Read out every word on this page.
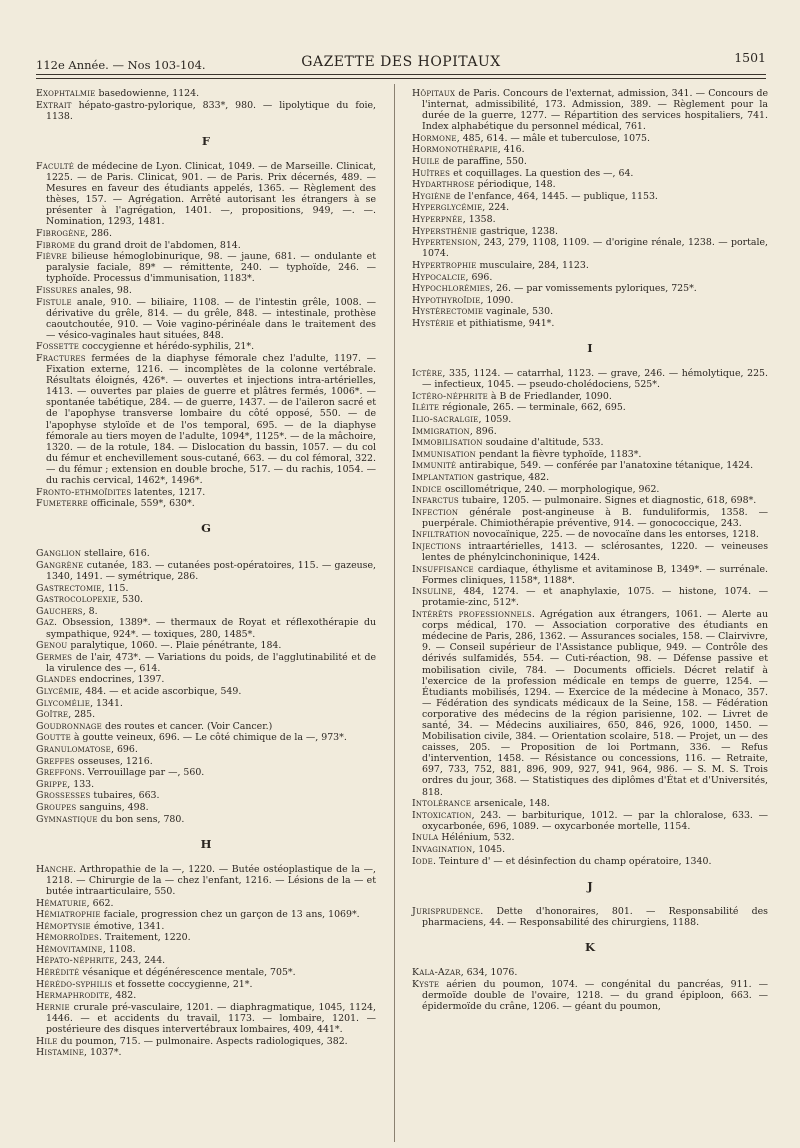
112e Année. — Nos 103-104.	GAZETTE DES HOPITAUX	1501

Exophtalmie basedowienne, 1124.

Extrait hépato-gastro-pylorique, 833*, 980. — lipolytique du foie, 1138.

F

Faculté de médecine de Lyon. Clinicat, 1049. — de Marseille. Clinicat, 1225. — de Paris. Clinicat, 901. — de Paris. Prix décernés, 489. — Mesures en faveur des étudiants appelés, 1365. — Règlement des thèses, 157. — Agrégation. Arrêté autorisant les étrangers à se présenter à l'agrégation, 1401. —, propositions, 949, —. —. Nomination, 1293, 1481.

Fibrogène, 286.

Fibrome du grand droit de l'abdomen, 814.

Fièvre bilieuse hémoglobinurique, 98. — jaune, 681. — ondulante et paralysie faciale, 89* — rémittente, 240. — typhoïde, 246. — typhoïde. Processus d'immunisation, 1183*.

Fissures anales, 98.

Fistule anale, 910. — biliaire, 1108. — de l'intestin grêle, 1008. — dérivative du grêle, 814. — du grêle, 848. — intestinale, prothèse caoutchoutée, 910. — Voie vagino-périnéale dans le traitement des — vésico-vaginales haut situées, 848.

Fossette coccygienne et hérédo-syphilis, 21*.

Fractures fermées de la diaphyse fémorale chez l'adulte, 1197. — Fixation externe, 1216. — incomplètes de la colonne vertébrale. Résultats éloignés, 426*. — ouvertes et injections intra-artérielles, 1413. — ouvertes par plaies de guerre et plâtres fermés, 1006*. — spontanée tabétique, 284. — de guerre, 1437. — de l'aileron sacré et de l'apophyse transverse lombaire du côté opposé, 550. — de l'apophyse styloïde et de l'os temporal, 695. — de la diaphyse fémorale au tiers moyen de l'adulte, 1094*, 1125*. — de la mâchoire, 1320. — de la rotule, 184. — Dislocation du bassin, 1057. — du col du fémur et enchevillement sous-cutané, 663. — du col fémoral, 322. — du fémur ; extension en double broche, 517. — du rachis, 1054. — du rachis cervical, 1462*, 1496*.

Fronto-ethmoïdites latentes, 1217.

Fumeterre officinale, 559*, 630*.

G

Ganglion stellaire, 616.

Gangrène cutanée, 183. — cutanées post-opératoires, 115. — gazeuse, 1340, 1491. — symétrique, 286.

Gastrectomie, 115.

Gastrocolopexie, 530.

Gauchers, 8.

Gaz. Obsession, 1389*. — thermaux de Royat et réflexothérapie du sympathique, 924*. — toxiques, 280, 1485*.

Genou paralytique, 1060. —. Plaie pénétrante, 184.

Germes de l'air, 473*. — Variations du poids, de l'agglutinabilité et de la virulence des —, 614.

Glandes endocrines, 1397.

Glycémie, 484. — et acide ascorbique, 549.

Glycomélie, 1341.

Goître, 285.

Goudronnage des routes et cancer. (Voir Cancer.)

Goutte à goutte veineux, 696. — Le côté chimique de la —, 973*.

Granulomatose, 696.

Greffes osseuses, 1216.

Greffons. Verrouillage par —, 560.

Grippe, 133.

Grossesses tubaires, 663.

Groupes sanguins, 498.

Gymnastique du bon sens, 780.

H

Hanche. Arthropathie de la —, 1220. — Butée ostéoplastique de la —, 1218. — Chirurgie de la — chez l'enfant, 1216. — Lésions de la — et butée intraarticulaire, 550.

Hématurie, 662.

Hémiatrophie faciale, progression chez un garçon de 13 ans, 1069*.

Hémoptysie émotive, 1341.

Hémorroïdes. Traitement, 1220.

Hémovitamine, 1108.

Hépato-néphrite, 243, 244.

Hérédité vésanique et dégénérescence mentale, 705*.

Hérédo-syphilis et fossette coccygienne, 21*.

Hermaphrodite, 482.

Hernie crurale pré-vasculaire, 1201. — diaphragmatique, 1045, 1124, 1446. — et accidents du travail, 1173. — lombaire, 1201. — postérieure des disques intervertébraux lombaires, 409, 441*.

Hile du poumon, 715. — pulmonaire. Aspects radiologiques, 382.

Histamine, 1037*.

Hôpitaux de Paris. Concours de l'externat, admission, 341. — Concours de l'internat, admissibilité, 173. Admission, 389. — Règlement pour la durée de la guerre, 1277. — Répartition des services hospitaliers, 741. Index alphabétique du personnel médical, 761.

Hormone, 485, 614. — mâle et tuberculose, 1075.

Hormonothérapie, 416.

Huile de paraffine, 550.

Huîtres et coquillages. La question des —, 64.

Hydarthrose périodique, 148.

Hygiène de l'enfance, 464, 1445. — publique, 1153.

Hyperglycémie, 224.

Hyperpnée, 1358.

Hypersthénie gastrique, 1238.

Hypertension, 243, 279, 1108, 1109. — d'origine rénale, 1238. — portale, 1074.

Hypertrophie musculaire, 284, 1123.

Hypocalcie, 696.

Hypochlorémies, 26. — par vomissements pyloriques, 725*.

Hypothyroïdie, 1090.

Hystérectomie vaginale, 530.

Hystérie et pithiatisme, 941*.

I

Ictère, 335, 1124. — catarrhal, 1123. — grave, 246. — hémolytique, 225. — infectieux, 1045. — pseudo-cholédociens, 525*.

Ictéro-néphrite à B de Friedlander, 1090.

Iléite régionale, 265. — terminale, 662, 695.

Ilio-sacralgie, 1059.

Immigration, 896.

Immobilisation soudaine d'altitude, 533.

Immunisation pendant la fièvre typhoïde, 1183*.

Immunité antirabique, 549. — conférée par l'anatoxine tétanique, 1424.

Implantation gastrique, 482.

Indice oscillométrique, 240. — morphologique, 962.

Infarctus tubaire, 1205. — pulmonaire. Signes et diagnostic, 618, 698*.

Infection générale post-angineuse à B. funduliformis, 1358. — puerpérale. Chimiothérapie préventive, 914. — gonococcique, 243.

Infiltration novocaïnique, 225. — de novocaïne dans les entorses, 1218.

Injections intraartérielles, 1413. — sclérosantes, 1220. — veineuses lentes de phénylcinchoninique, 1424.

Insuffisance cardiaque, éthylisme et avitaminose B, 1349*. — surrénale. Formes cliniques, 1158*, 1188*.

Insuline, 484, 1274. — et anaphylaxie, 1075. — histone, 1074. — protamie-zinc, 512*.

Intérêts professionnels. Agrégation aux étrangers, 1061. — Alerte au corps médical, 170. — Association corporative des étudiants en médecine de Paris, 286, 1362. — Assurances sociales, 158. — Clairvivre, 9. — Conseil supérieur de l'Assistance publique, 949. — Contrôle des dérivés sulfamidés, 554. — Cuti-réaction, 98. — Défense passive et mobilisation civile, 784. — Documents officiels. Décret relatif à l'exercice de la profession médicale en temps de guerre, 1254. — Étudiants mobilisés, 1294. — Exercice de la médecine à Monaco, 357. — Fédération des syndicats médicaux de la Seine, 158. — Fédération corporative des médecins de la région parisienne, 102. — Livret de santé, 34. — Médecins auxiliaires, 650, 846, 926, 1000, 1450. — Mobilisation civile, 384. — Orientation scolaire, 518. — Projet, un — des caisses, 205. — Proposition de loi Portmann, 336. — Refus d'intervention, 1458. — Résistance ou concessions, 116. — Retraite, 697, 733, 752, 881, 896, 909, 927, 941, 964, 986. — S. M. S. Trois ordres du jour, 368. — Statistiques des diplômes d'État et d'Universités, 818.

Intolérance arsenicale, 148.

Intoxication, 243. — barbiturique, 1012. — par la chloralose, 633. — oxycarbonée, 696, 1089. — oxycarbonée mortelle, 1154.

Inula Hélénium, 532.

Invagination, 1045.

Iode. Teinture d' — et désinfection du champ opératoire, 1340.

J

Jurisprudence. Dette d'honoraires, 801. — Responsabilité des pharmaciens, 44. — Responsabilité des chirurgiens, 1188.

K

Kala-Azar, 634, 1076.

Kyste aérien du poumon, 1074. — congénital du pancréas, 911. — dermoïde double de l'ovaire, 1218. — du grand épiploon, 663. — épidermoïde du crâne, 1206. — géant du poumon,
